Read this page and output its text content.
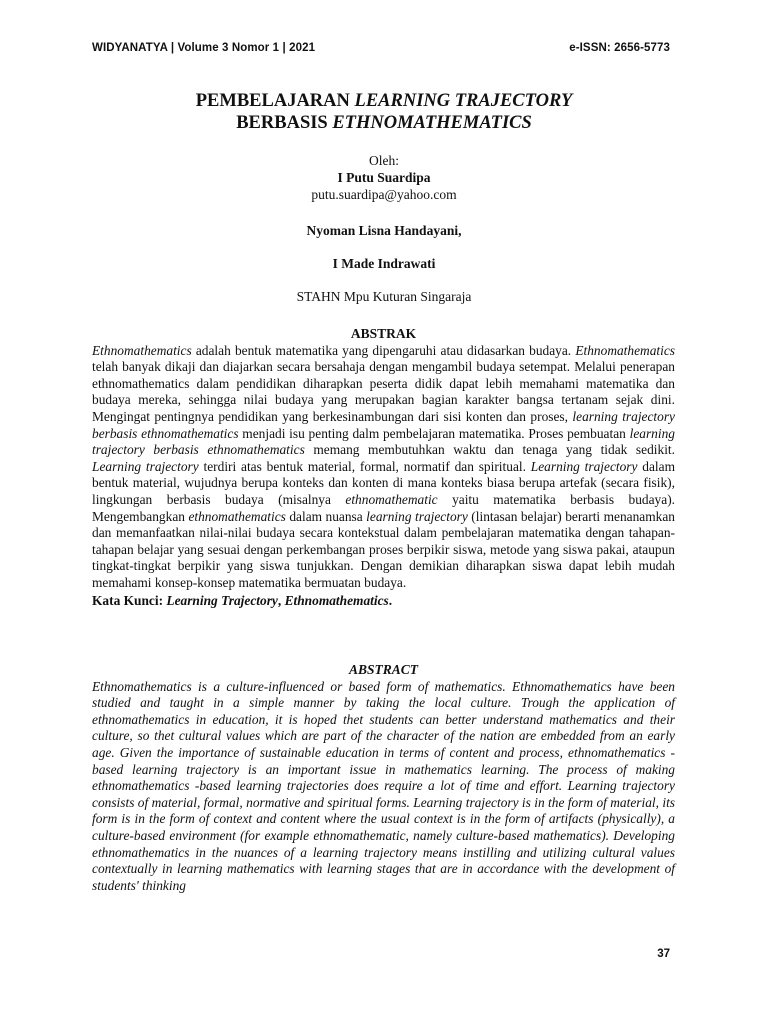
WIDYANATYA | Volume 3 Nomor 1 | 2021	e-ISSN: 2656-5773
PEMBELAJARAN LEARNING TRAJECTORY
BERBASIS ETHNOMATHEMATICS
Oleh:
I Putu Suardipa
putu.suardipa@yahoo.com
Nyoman Lisna Handayani,
I Made Indrawati
STAHN Mpu Kuturan Singaraja
ABSTRAK

Ethnomathematics adalah bentuk matematika yang dipengaruhi atau didasarkan budaya. Ethnomathematics telah banyak dikaji dan diajarkan secara bersahaja dengan mengambil budaya setempat. Melalui penerapan ethnomathematics dalam pendidikan diharapkan peserta didik dapat lebih memahami matematika dan budaya mereka, sehingga nilai budaya yang merupakan bagian karakter bangsa tertanam sejak dini. Mengingat pentingnya pendidikan yang berkesinambungan dari sisi konten dan proses, learning trajectory berbasis ethnomathematics menjadi isu penting dalm pembelajaran matematika. Proses pembuatan learning trajectory berbasis ethnomathematics memang membutuhkan waktu dan tenaga yang tidak sedikit. Learning trajectory terdiri atas bentuk material, formal, normatif dan spiritual. Learning trajectory dalam bentuk material, wujudnya berupa konteks dan konten di mana konteks biasa berupa artefak (secara fisik), lingkungan berbasis budaya (misalnya ethnomathematic yaitu matematika berbasis budaya). Mengembangkan ethnomathematics dalam nuansa learning trajectory (lintasan belajar) berarti menanamkan dan memanfaatkan nilai-nilai budaya secara kontekstual dalam pembelajaran matematika dengan tahapan-tahapan belajar yang sesuai dengan perkembangan proses berpikir siswa, metode yang siswa pakai, ataupun tingkat-tingkat berpikir yang siswa tunjukkan. Dengan demikian diharapkan siswa dapat lebih mudah memahami konsep-konsep matematika bermuatan budaya.

Kata Kunci: Learning Trajectory, Ethnomathematics.

ABSTRACT

Ethnomathematics is a culture-influenced or based form of mathematics. Ethnomathematics have been studied and taught in a simple manner by taking the local culture. Trough the application of ethnomathematics in education, it is hoped thet students can better understand mathematics and their culture, so thet cultural values which are part of the character of the nation are embedded from an early age. Given the importance of sustainable education in terms of content and process, ethnomathematics -based learning trajectory is an important issue in mathematics learning. The process of making ethnomathematics -based learning trajectories does require a lot of time and effort. Learning trajectory consists of material, formal, normative and spiritual forms. Learning trajectory is in the form of material, its form is in the form of context and content where the usual context is in the form of artifacts (physically), a culture-based environment (for example ethnomathematic, namely culture-based mathematics). Developing ethnomathematics in the nuances of a learning trajectory means instilling and utilizing cultural values contextually in learning mathematics with learning stages that are in accordance with the development of students' thinking

37
